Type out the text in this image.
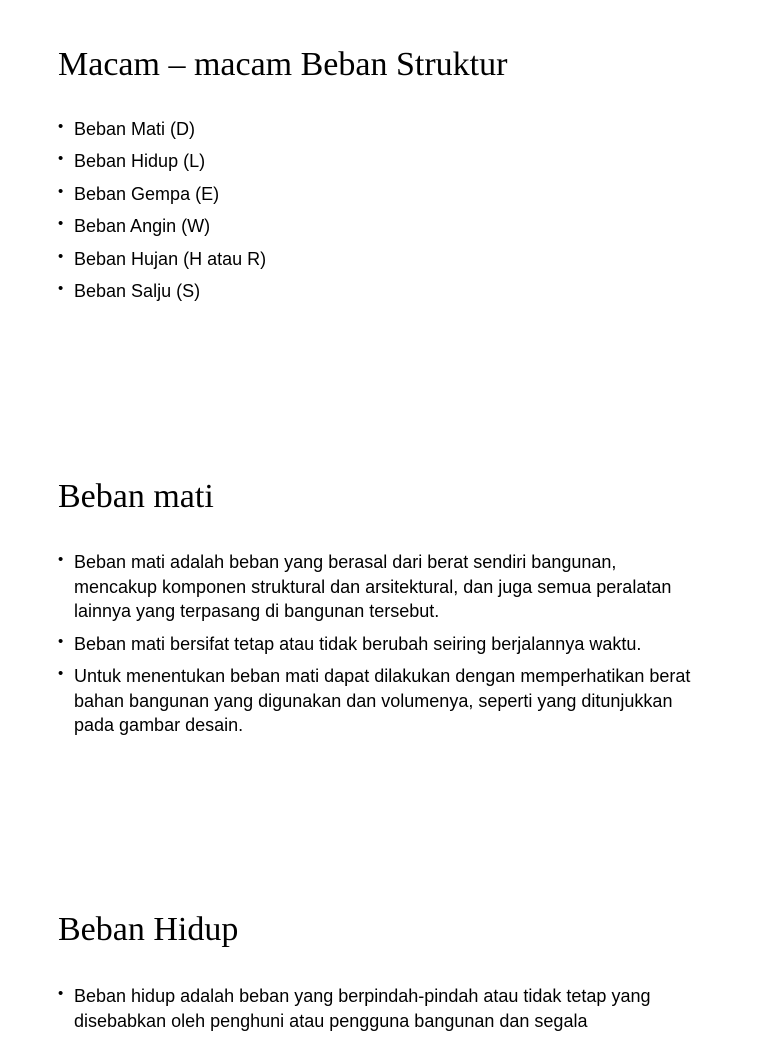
Macam – macam Beban Struktur
• Beban Mati (D)
• Beban Hidup (L)
• Beban Gempa (E)
• Beban Angin (W)
• Beban Hujan (H atau R)
• Beban Salju (S)
Beban mati
• Beban mati adalah beban yang berasal dari berat sendiri bangunan, mencakup komponen struktural dan arsitektural, dan juga semua peralatan lainnya yang terpasang di bangunan tersebut.
• Beban mati bersifat tetap atau tidak berubah seiring berjalannya waktu.
• Untuk menentukan beban mati dapat dilakukan dengan memperhatikan berat bahan bangunan yang digunakan dan volumenya, seperti yang ditunjukkan pada gambar desain.
Beban Hidup
• Beban hidup adalah beban yang berpindah-pindah atau tidak tetap yang disebabkan oleh penghuni atau pengguna bangunan dan segala
